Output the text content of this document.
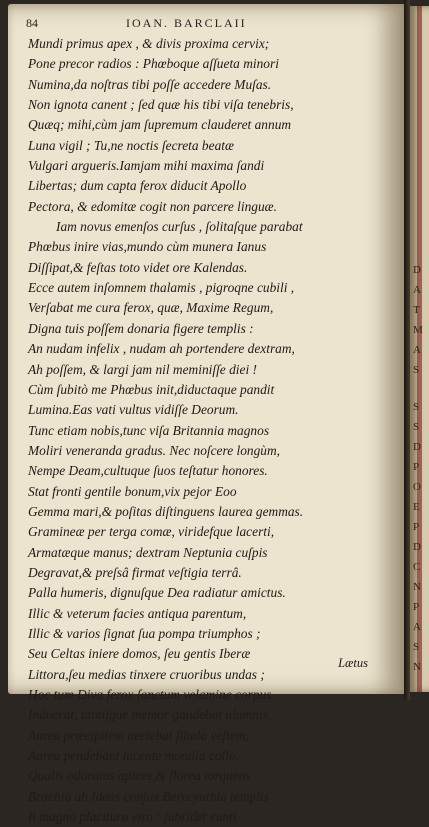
84	IOAN. BARCLAII
Mundi primus apex , & divis proxima cervix;
Pone precor radios : Phœboque aſſueta minori
Numina,da noſtras tibi poſſe accedere Muſas.
Non ignota canent ; ſed quæ his tibi viſa tenebris,
Quæq; mihi,cùm jam ſupremum clauderet annum
Luna vigil ; Tu,ne noctis ſecreta beatæ
Vulgari argueris.Iamjam mihi maxima ſandi
Libertas; dum capta ferox diducit Apollo
Pectora, & edomitæ cogit non parcere linguæ.
Iam novus emenſos curſus , ſolitaſque parabat
Phœbus inire vias,mundo cùm munera Ianus
Diſſipat,& feſtas toto videt ore Kalendas.
Ecce autem inſomnem thalamis , pigroqne cubili ,
Verſabat me cura ferox, quæ, Maxime Regum,
Digna tuis poſſem donaria figere templis :
An nudam infelix , nudam ah portendere dextram,
Ah poſſem, & largi jam nil meminiſſe diei !
Cùm ſubitò me Phœbus init,diductaque pandit
Lumina.Eas vati vultus vidiſſe Deorum.
Tunc etiam nobis,tunc viſa Britannia magnos
Moliri veneranda gradus. Nec noſcere longùm,
Nempe Deam,cultuque ſuos teſtatur honores.
Stat fronti gentile bonum,vix pejor Eoo
Gemma mari,& poſitas diſtinguens laurea gemmas.
Gramineæ per terga comæ, viridefque lacerti,
Armatæque manus; dextram Neptunia cuſpis
Degravat,& preſsâ firmat veſtigia terrâ.
Palla humeris, dignuſque Dea radiatur amictus.
Illic & veterum facies antiqua parentum,
Illic & varios ſignat ſua pompa triumphos ;
Seu Celtas iniere domos, ſeu gentis Iberæ
Littora,ſeu medias tinxere cruoribus undas ;
Hoc tum Diva ferox ſanctum velamine corpus
Induerat, tantiſque memor gaudebat alumnis.
Aurea præcipitem nectebat fibula veſtem,
Aurea pendebant lucente monilia collo.
Qualis odoratos apices,& florea torquens
Brachia ab Idæis conjux Berecynthia templis
It magno placitura viro : ſubridet eunti
Lætus
D
A
T
M
A
S
S
S
D
P
O
E
P
D
C
N
P
A
S
N
